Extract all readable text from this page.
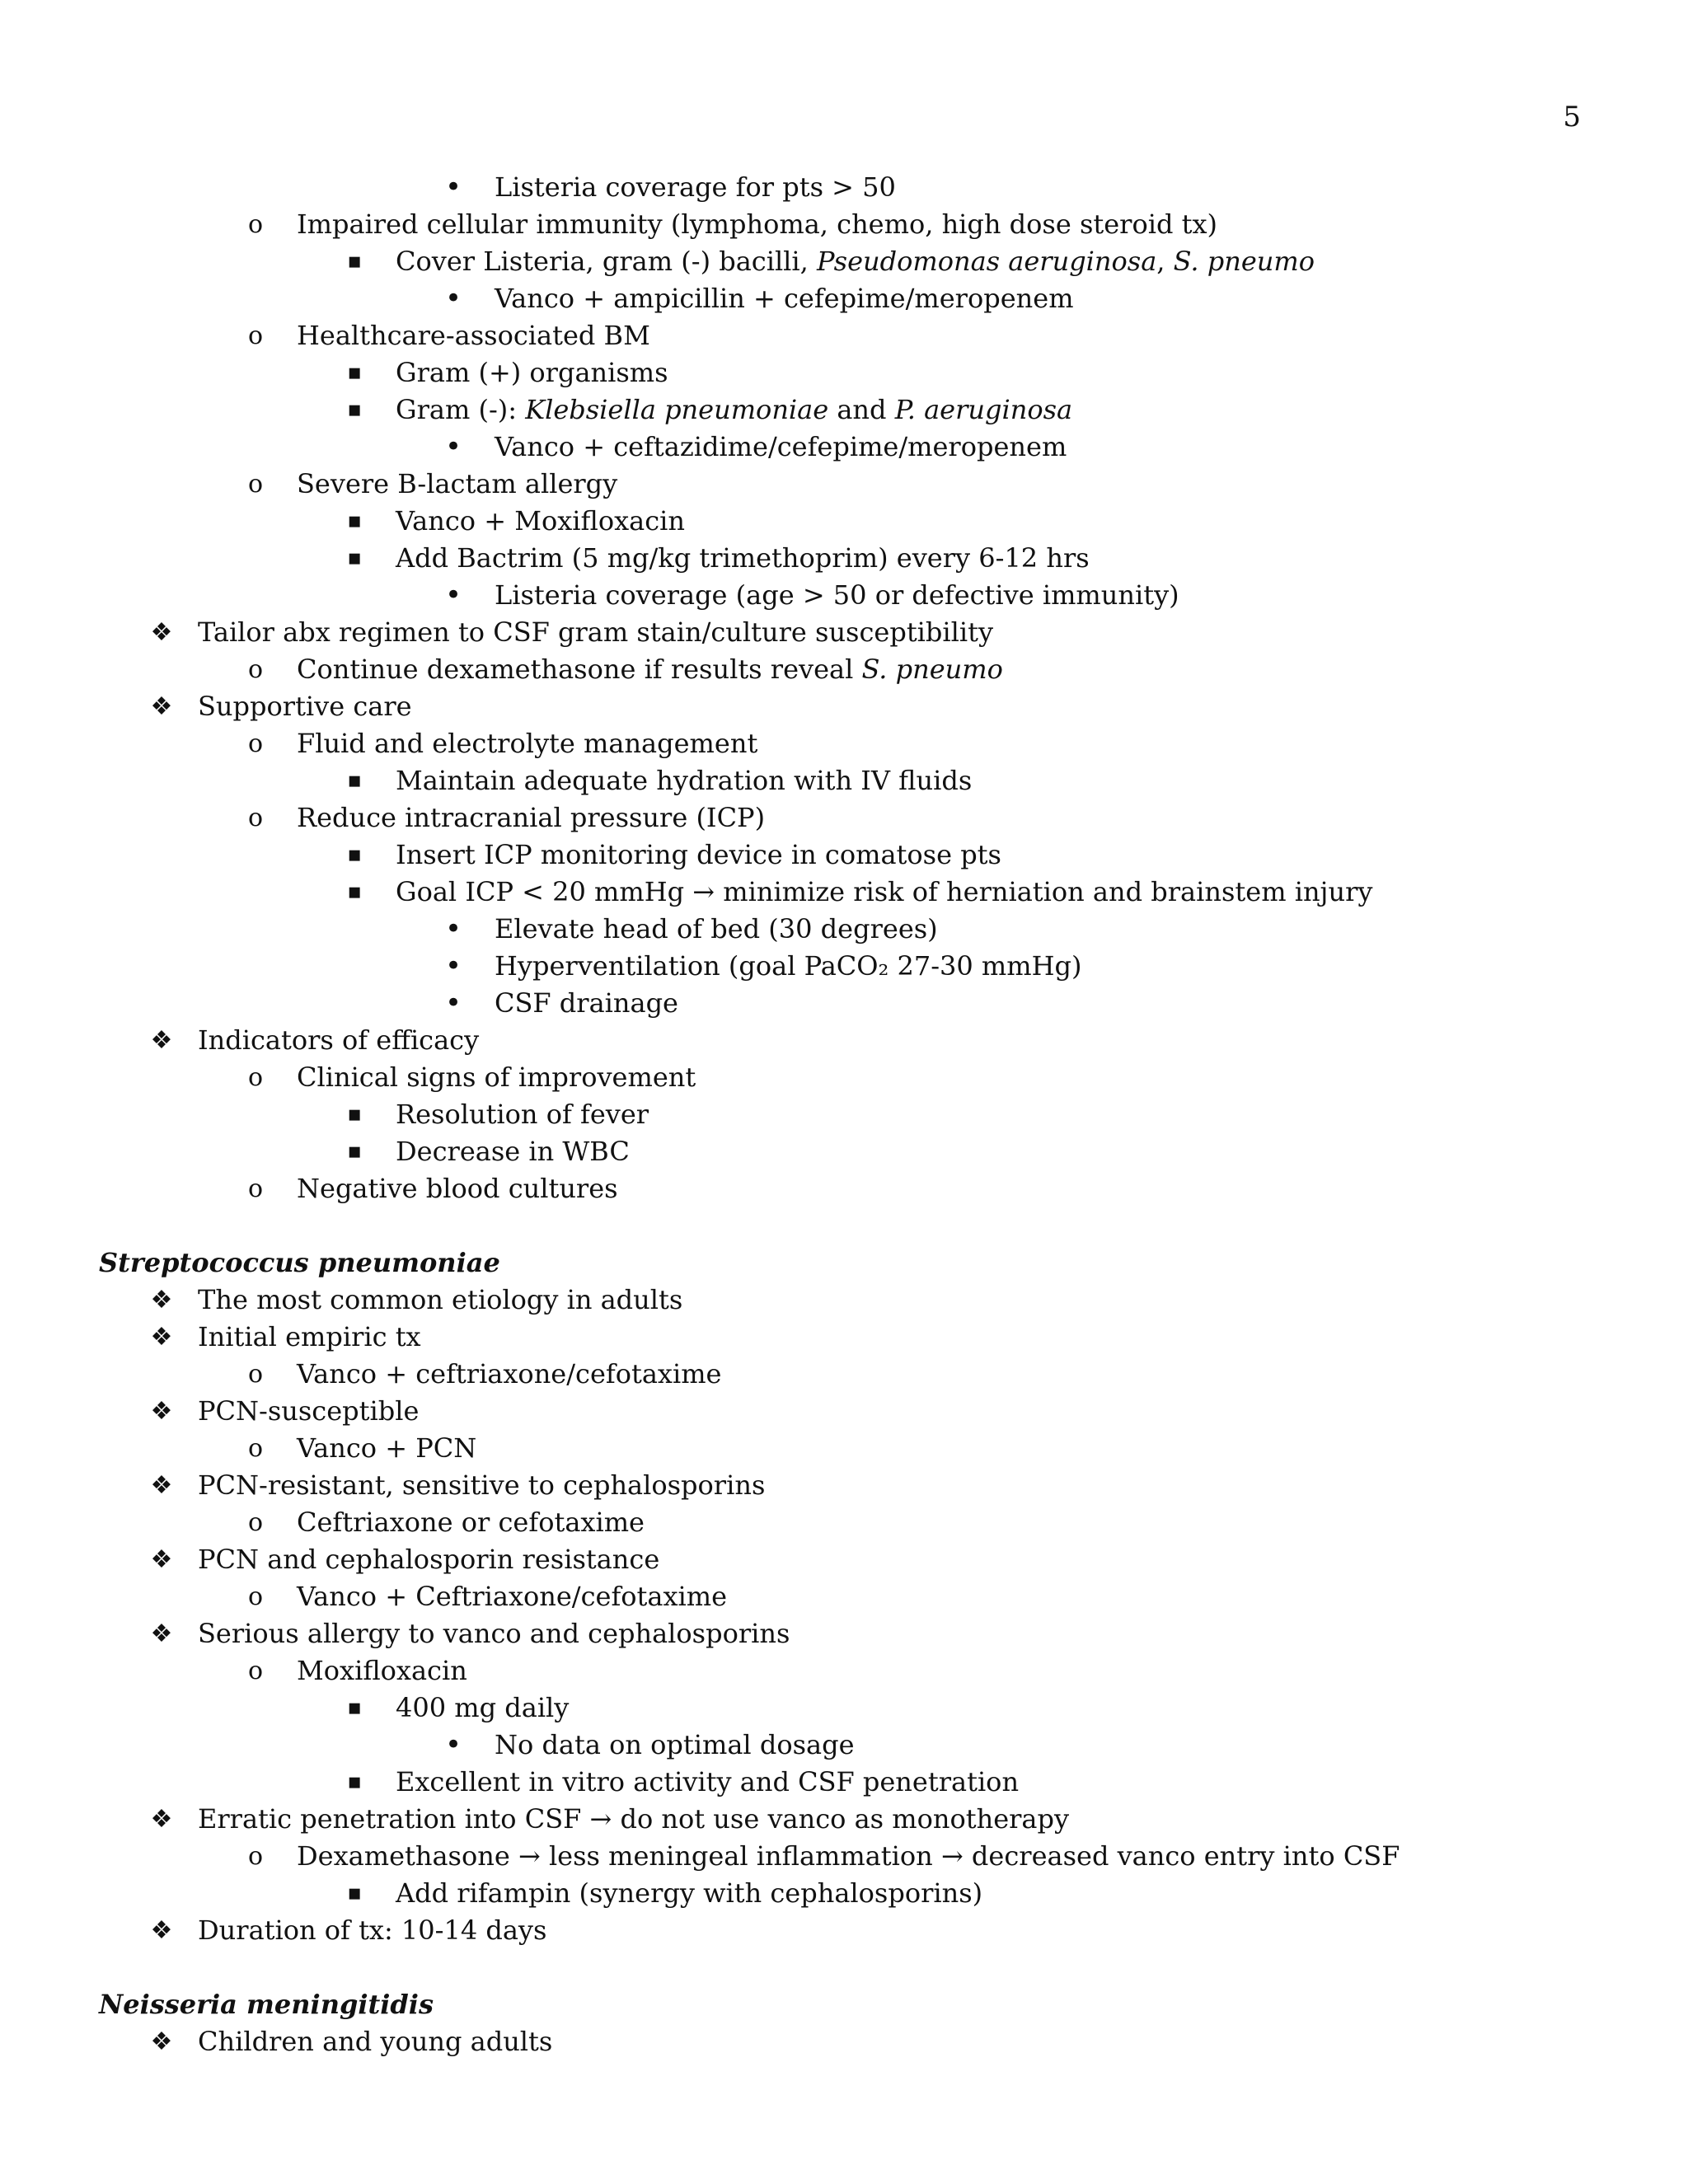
5
•	Listeria coverage for pts > 50
o	Impaired cellular immunity (lymphoma, chemo, high dose steroid tx)
▪	Cover Listeria, gram (-) bacilli, Pseudomonas aeruginosa, S. pneumo
•	Vanco + ampicillin + cefepime/meropenem
o	Healthcare-associated BM
▪	Gram (+) organisms
▪	Gram (-): Klebsiella pneumoniae and P. aeruginosa
•	Vanco + ceftazidime/cefepime/meropenem
o	Severe B-lactam allergy
▪	Vanco + Moxifloxacin
▪	Add Bactrim (5 mg/kg trimethoprim) every 6-12 hrs
•	Listeria coverage (age > 50 or defective immunity)
❖ Tailor abx regimen to CSF gram stain/culture susceptibility
o	Continue dexamethasone if results reveal S. pneumo
❖ Supportive care
o	Fluid and electrolyte management
▪	Maintain adequate hydration with IV fluids
o	Reduce intracranial pressure (ICP)
▪	Insert ICP monitoring device in comatose pts
▪	Goal ICP < 20 mmHg → minimize risk of herniation and brainstem injury
•	Elevate head of bed (30 degrees)
•	Hyperventilation (goal PaCO₂ 27-30 mmHg)
•	CSF drainage
❖ Indicators of efficacy
o	Clinical signs of improvement
▪	Resolution of fever
▪	Decrease in WBC
o	Negative blood cultures
Streptococcus pneumoniae
❖ The most common etiology in adults
❖ Initial empiric tx
o	Vanco + ceftriaxone/cefotaxime
❖ PCN-susceptible
o	Vanco + PCN
❖ PCN-resistant, sensitive to cephalosporins
o	Ceftriaxone or cefotaxime
❖ PCN and cephalosporin resistance
o	Vanco + Ceftriaxone/cefotaxime
❖ Serious allergy to vanco and cephalosporins
o	Moxifloxacin
▪	400 mg daily
•	No data on optimal dosage
▪	Excellent in vitro activity and CSF penetration
❖ Erratic penetration into CSF → do not use vanco as monotherapy
o	Dexamethasone → less meningeal inflammation → decreased vanco entry into CSF
▪	Add rifampin (synergy with cephalosporins)
❖ Duration of tx: 10-14 days
Neisseria meningitidis
❖ Children and young adults
